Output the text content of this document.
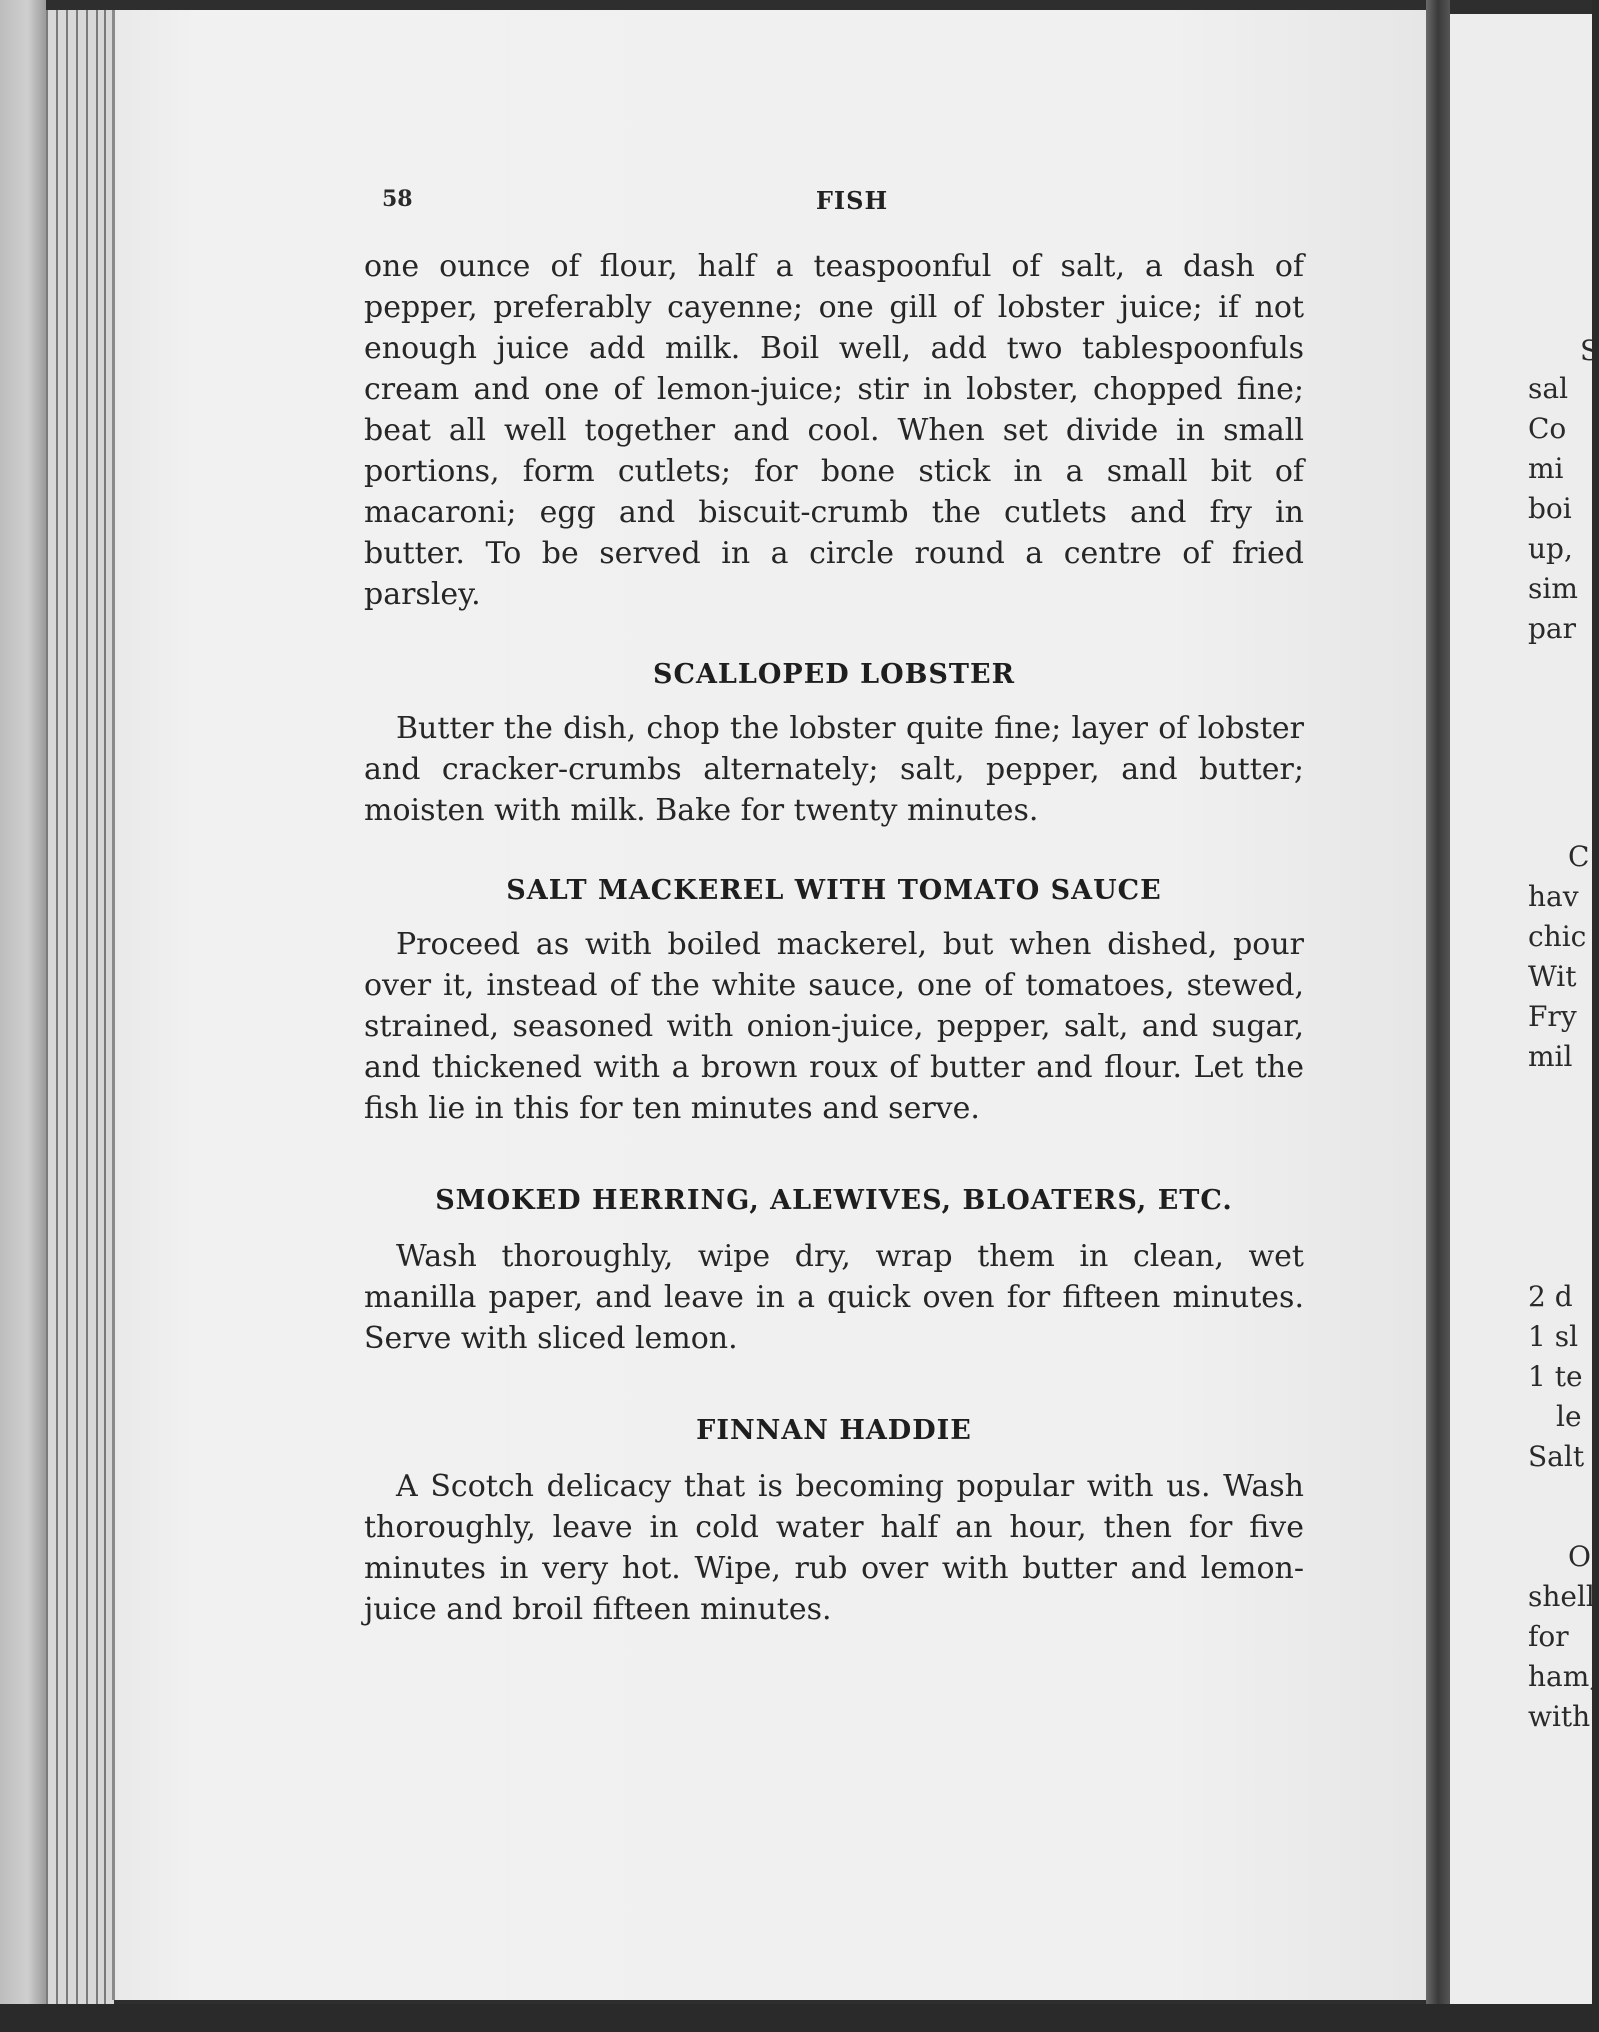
S
sal
Co
mi
boi
up,
sim
par
C
hav
chic
Wit
Fry
mil
2 d
1 sl
1 te
le
Salt
O
shell
for
ham,
with
58	FISH

one ounce of flour, half a teaspoonful of salt, a dash of pepper, preferably cayenne; one gill of lobster juice; if not enough juice add milk. Boil well, add two tablespoonfuls cream and one of lemon-juice; stir in lobster, chopped fine; beat all well together and cool. When set divide in small portions, form cutlets; for bone stick in a small bit of macaroni; egg and biscuit-crumb the cutlets and fry in butter. To be served in a circle round a centre of fried parsley.

SCALLOPED LOBSTER

Butter the dish, chop the lobster quite fine; layer of lobster and cracker-crumbs alternately; salt, pepper, and butter; moisten with milk. Bake for twenty minutes.

SALT MACKEREL WITH TOMATO SAUCE

Proceed as with boiled mackerel, but when dished, pour over it, instead of the white sauce, one of tomatoes, stewed, strained, seasoned with onion-juice, pepper, salt, and sugar, and thickened with a brown roux of butter and flour. Let the fish lie in this for ten minutes and serve.

SMOKED HERRING, ALEWIVES, BLOATERS, ETC.

Wash thoroughly, wipe dry, wrap them in clean, wet manilla paper, and leave in a quick oven for fifteen minutes. Serve with sliced lemon.

FINNAN HADDIE

A Scotch delicacy that is becoming popular with us. Wash thoroughly, leave in cold water half an hour, then for five minutes in very hot. Wipe, rub over with butter and lemon-juice and broil fifteen minutes.
